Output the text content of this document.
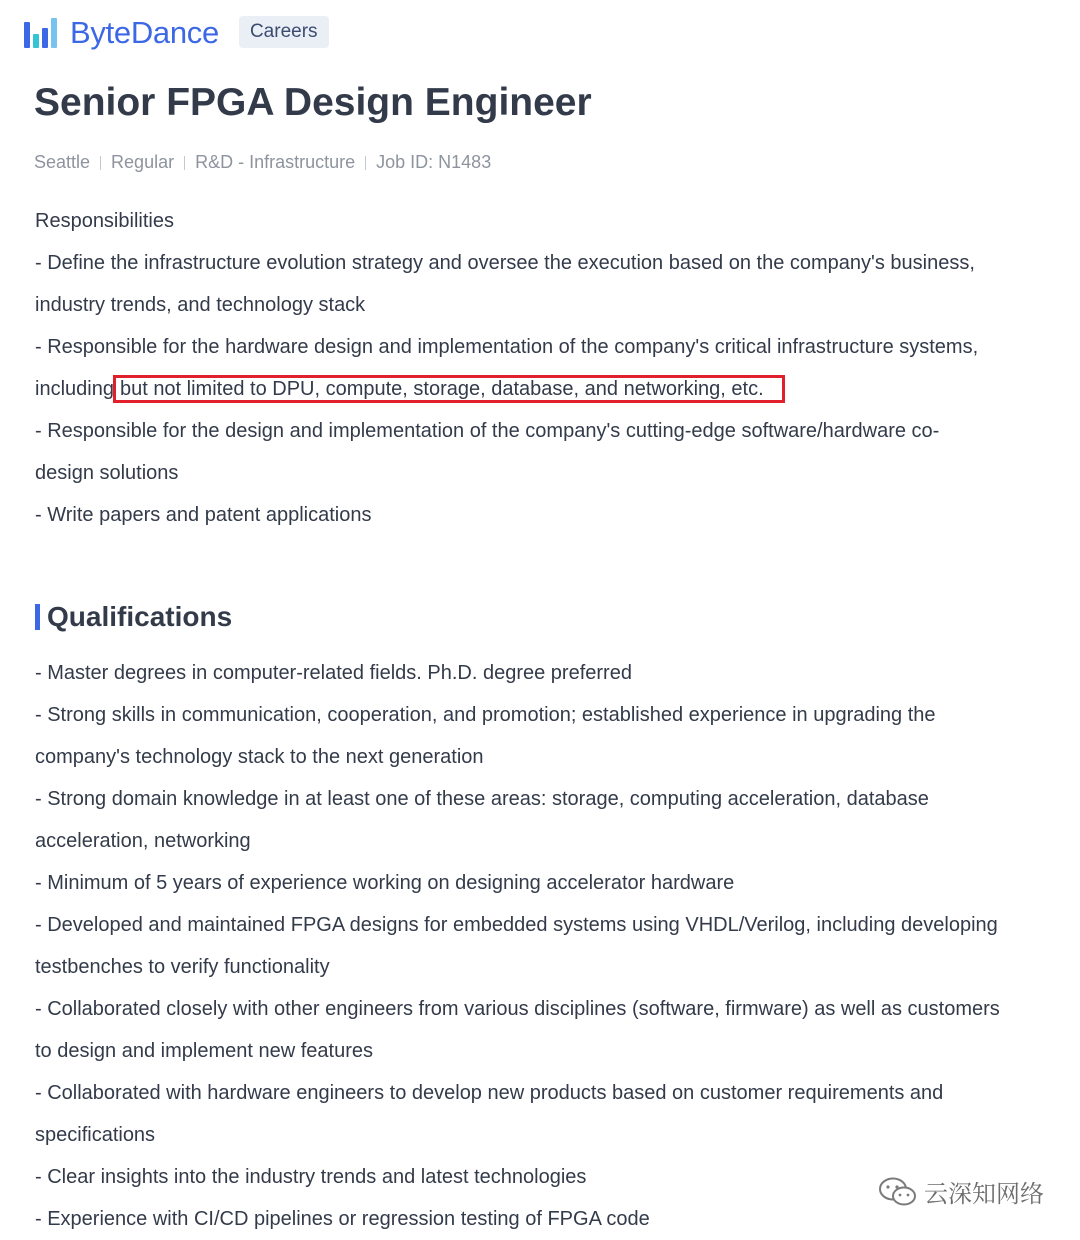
ByteDance	Careers
Senior FPGA Design Engineer
Seattle Regular R&D - Infrastructure Job ID: N1483
Responsibilities
- Define the infrastructure evolution strategy and oversee the execution based on the company's business,
industry trends, and technology stack
- Responsible for the hardware design and implementation of the company's critical infrastructure systems,
including but not limited to DPU, compute, storage, database, and networking, etc.
- Responsible for the design and implementation of the company's cutting-edge software/hardware co-
design solutions
- Write papers and patent applications
Qualifications
- Master degrees in computer-related fields. Ph.D. degree preferred
- Strong skills in communication, cooperation, and promotion; established experience in upgrading the
company's technology stack to the next generation
- Strong domain knowledge in at least one of these areas: storage, computing acceleration, database
acceleration, networking
- Minimum of 5 years of experience working on designing accelerator hardware
- Developed and maintained FPGA designs for embedded systems using VHDL/Verilog, including developing
testbenches to verify functionality
- Collaborated closely with other engineers from various disciplines (software, firmware) as well as customers
to design and implement new features
- Collaborated with hardware engineers to develop new products based on customer requirements and
specifications
- Clear insights into the industry trends and latest technologies
- Experience with CI/CD pipelines or regression testing of FPGA code
云深知网络
